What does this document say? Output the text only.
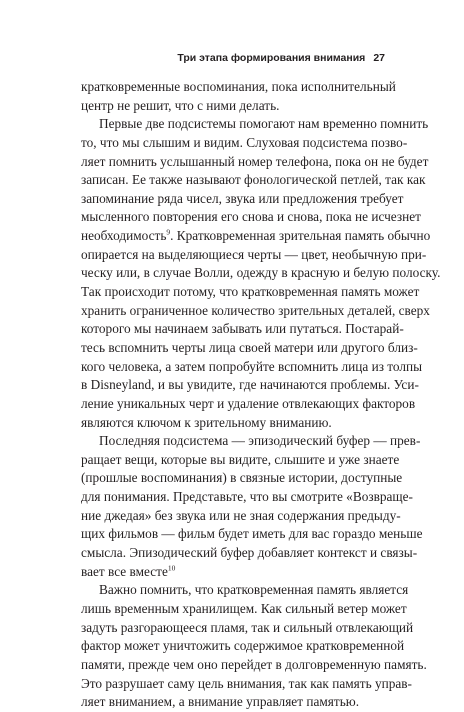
Три этапа формирования внимания 27
кратковременные воспоминания, пока исполнительный
центр не решит, что с ними делать.
Первые две подсистемы помогают нам временно помнить
то, что мы слышим и видим. Слуховая подсистема позво-
ляет помнить услышанный номер телефона, пока он не будет
записан. Ее также называют фонологической петлей, так как
запоминание ряда чисел, звука или предложения требует
мысленного повторения его снова и снова, пока не исчезнет
необходимость$^9$. Кратковременная зрительная память обычно
опирается на выделяющиеся черты — цвет, необычную при-
ческу или, в случае Волли, одежду в красную и белую полоску.
Так происходит потому, что кратковременная память может
хранить ограниченное количество зрительных деталей, сверх
которого мы начинаем забывать или путаться. Постарай-
тесь вспомнить черты лица своей матери или другого близ-
кого человека, а затем попробуйте вспомнить лица из толпы
в Disneyland, и вы увидите, где начинаются проблемы. Уси-
ление уникальных черт и удаление отвлекающих факторов
являются ключом к зрительному вниманию.
Последняя подсистема — эпизодический буфер — прев-
ращает вещи, которые вы видите, слышите и уже знаете
(прошлые воспоминания) в связные истории, доступные
для понимания. Представьте, что вы смотрите «Возвраще-
ние джедая» без звука или не зная содержания предыду-
щих фильмов — фильм будет иметь для вас гораздо меньше
смысла. Эпизодический буфер добавляет контекст и связы-
вает все вместе$^{10}$
Важно помнить, что кратковременная память является
лишь временным хранилищем. Как сильный ветер может
задуть разгорающееся пламя, так и сильный отвлекающий
фактор может уничтожить содержимое кратковременной
памяти, прежде чем оно перейдет в долговременную память.
Это разрушает саму цель внимания, так как память управ-
ляет вниманием, а внимание управляет памятью.
